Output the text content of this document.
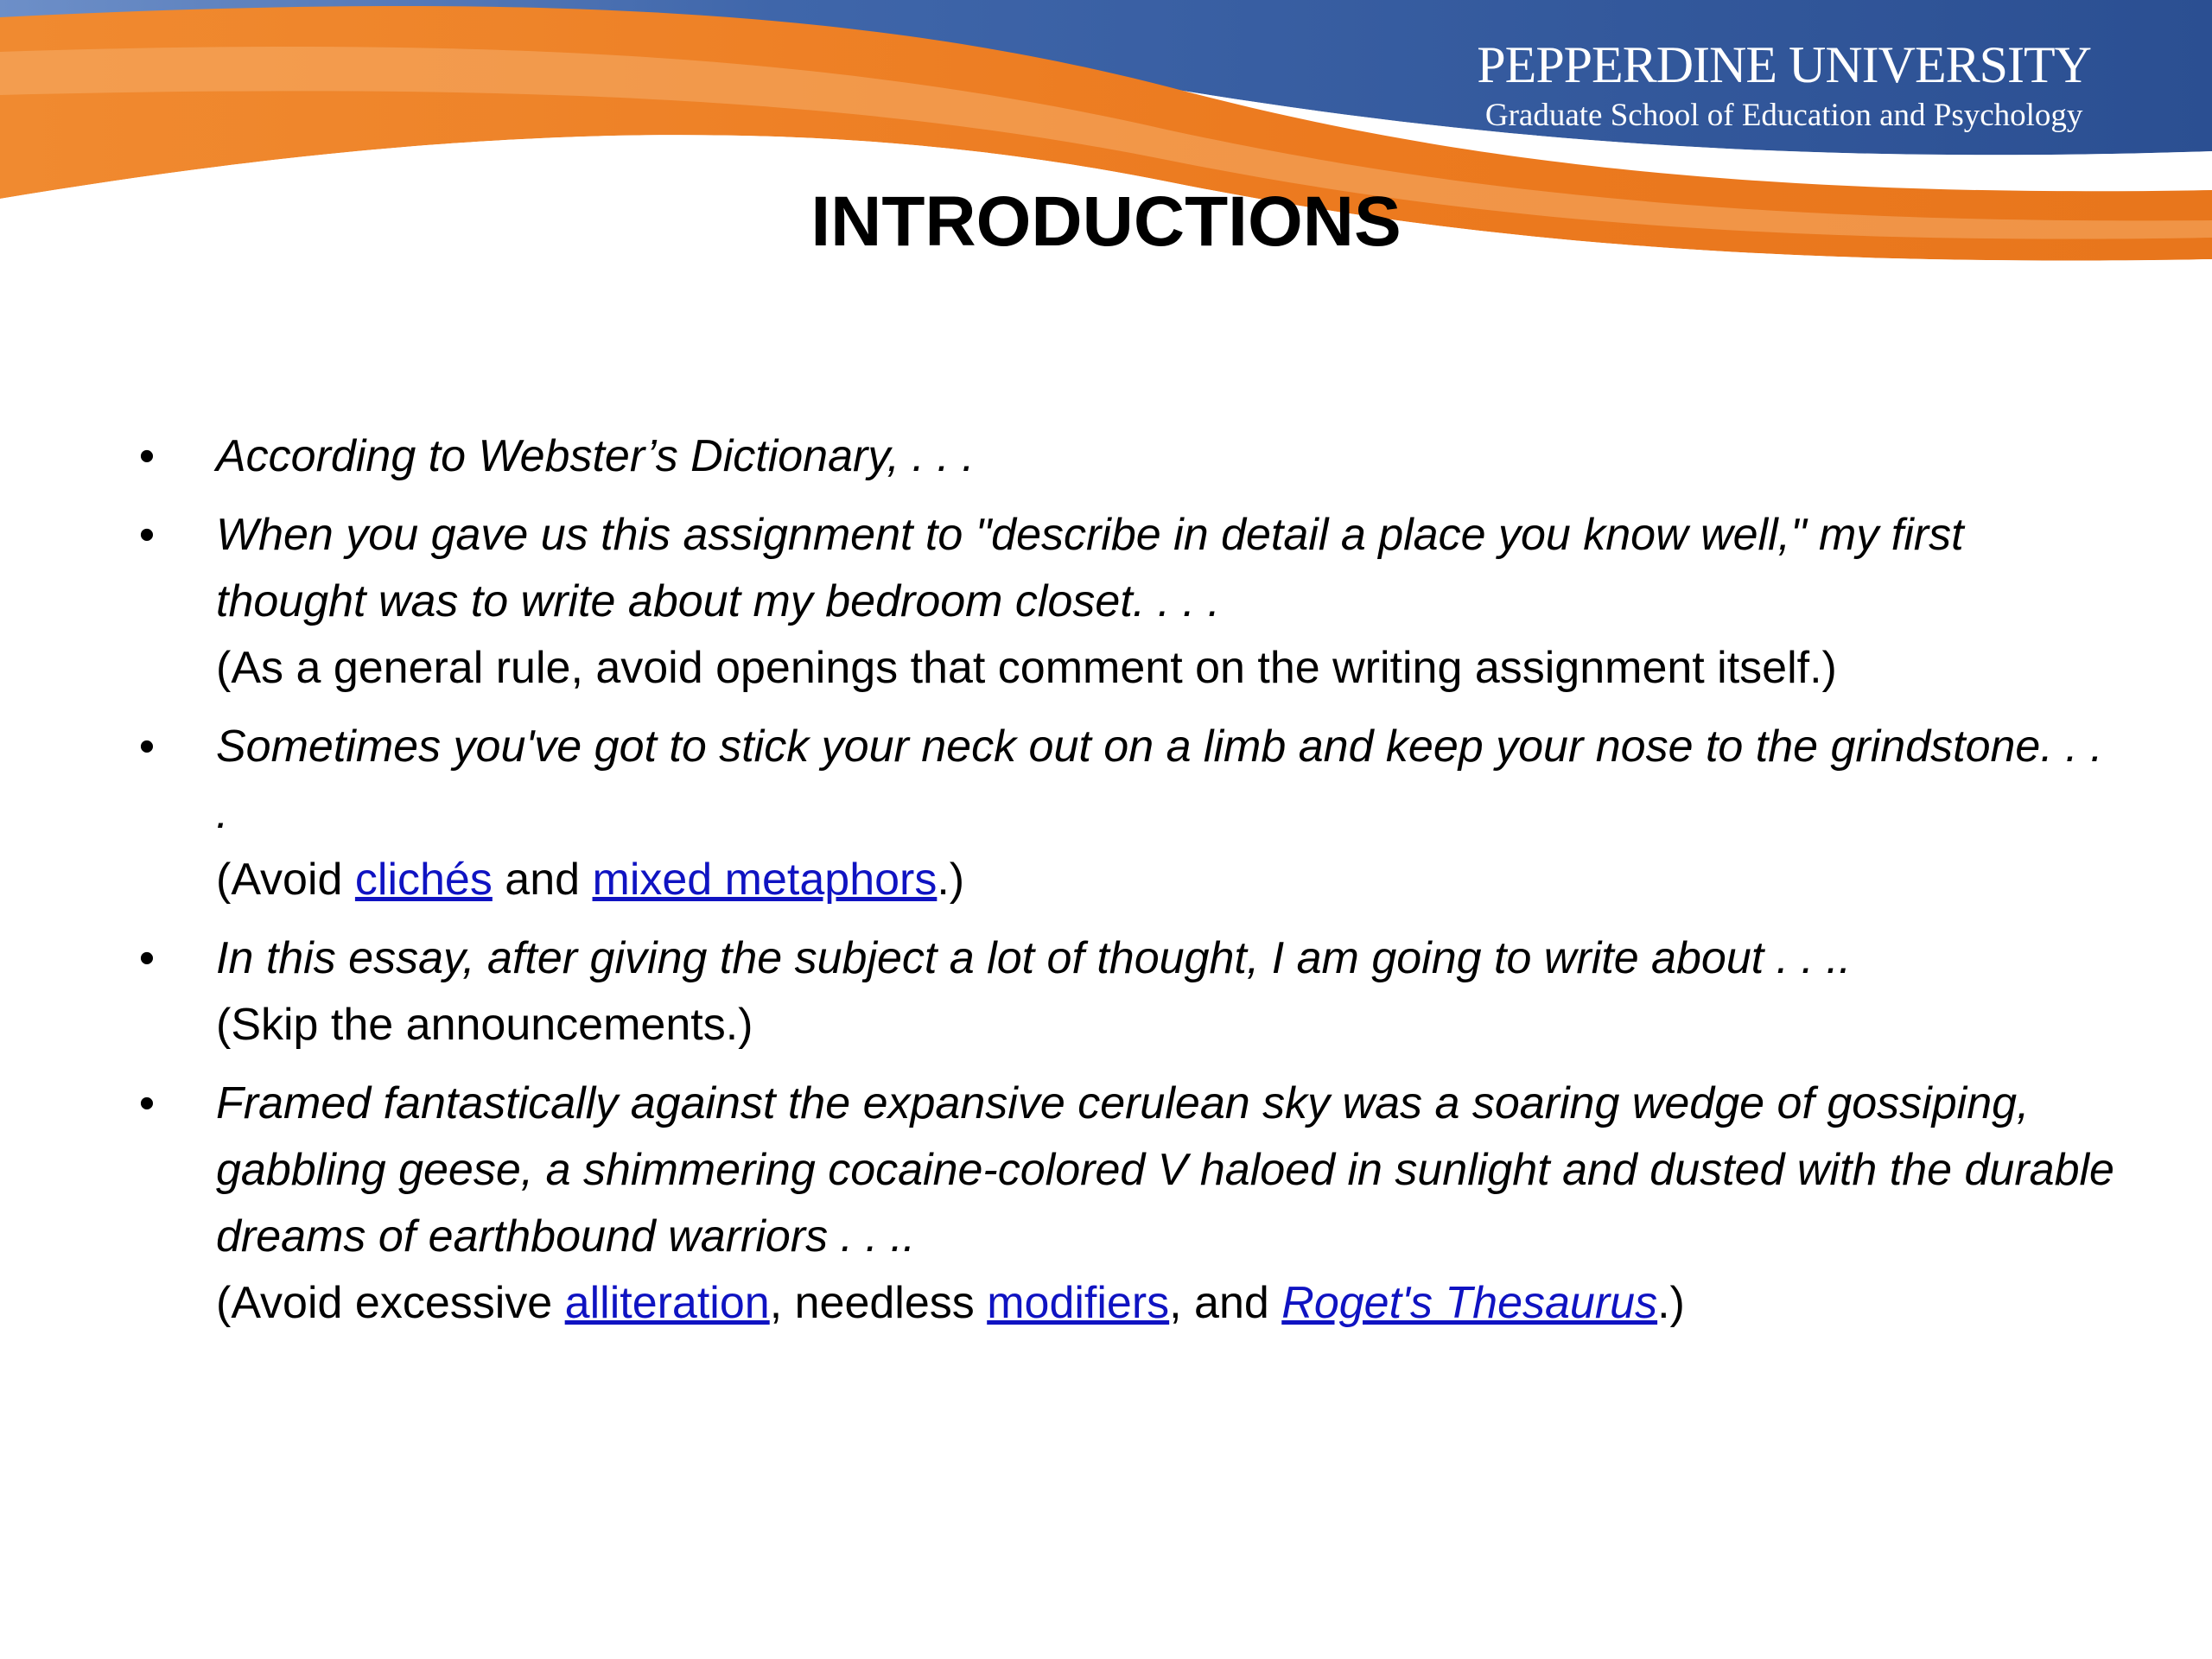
PEPPERDINE UNIVERSITY
Graduate School of Education and Psychology
INTRODUCTIONS
• According to Webster’s Dictionary, . . .
• When you gave us this assignment to "describe in detail a place you know well," my first thought was to write about my bedroom closet. . . .
(As a general rule, avoid openings that comment on the writing assignment itself.)
• Sometimes you've got to stick your neck out on a limb and keep your nose to the grindstone. . . .
(Avoid clichés and mixed metaphors.)
• In this essay, after giving the subject a lot of thought, I am going to write about . . ..
(Skip the announcements.)
• Framed fantastically against the expansive cerulean sky was a soaring wedge of gossiping, gabbling geese, a shimmering cocaine-colored V haloed in sunlight and dusted with the durable dreams of earthbound warriors . . ..
(Avoid excessive alliteration, needless modifiers, and Roget's Thesaurus.)
